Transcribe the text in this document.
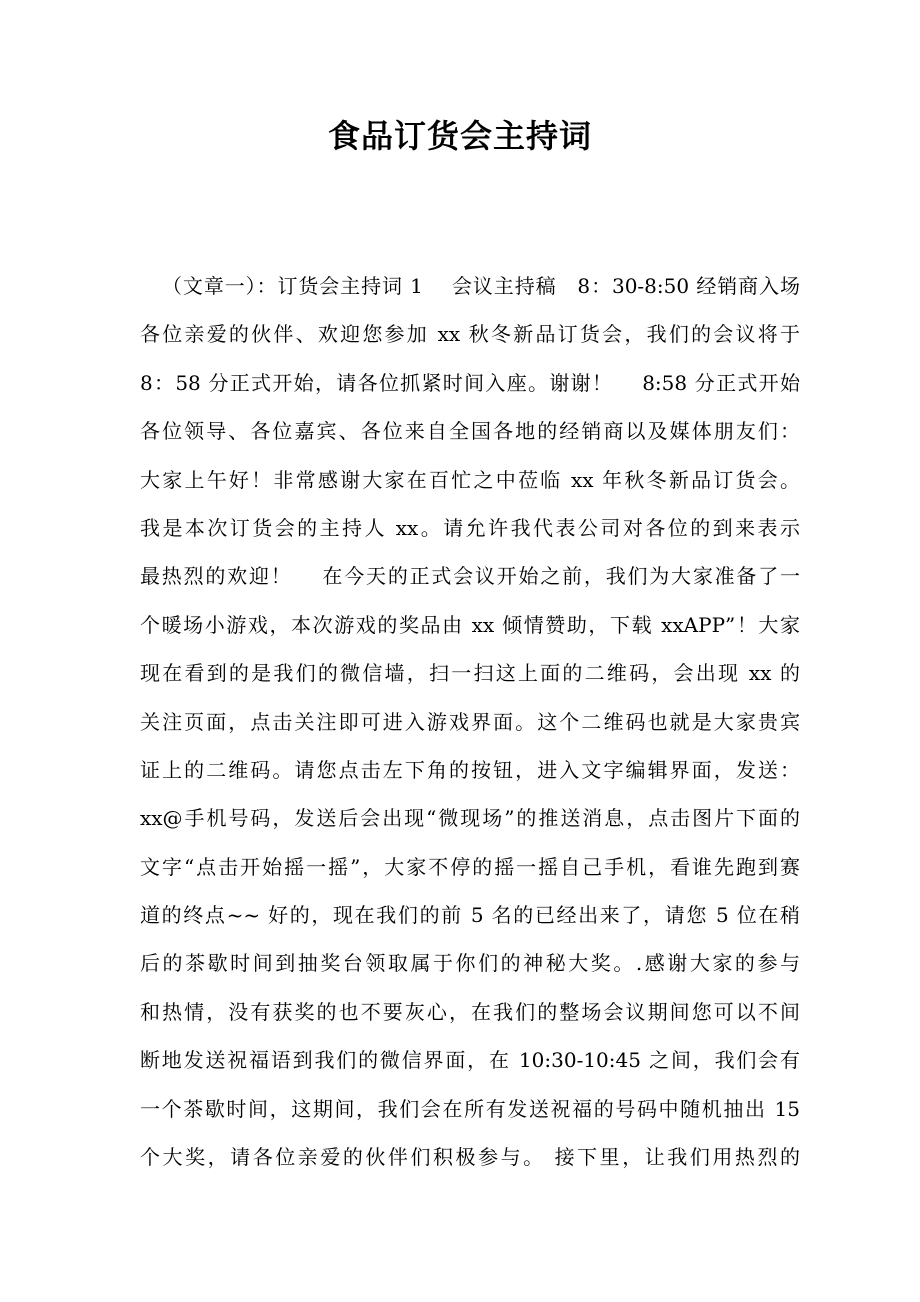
食品订货会主持词
（文章一）：订货会主持词 1　 会议主持稿　8：30-8:50 经销商入场
各位亲爱的伙伴、欢迎您参加 xx 秋冬新品订货会，我们的会议将于
8：58 分正式开始，请各位抓紧时间入座。谢谢！　 8:58 分正式开始
各位领导、各位嘉宾、各位来自全国各地的经销商以及媒体朋友们：
大家上午好！非常感谢大家在百忙之中莅临 xx 年秋冬新品订货会。
我是本次订货会的主持人 xx。请允许我代表公司对各位的到来表示
最热烈的欢迎！　 在今天的正式会议开始之前，我们为大家准备了一
个暖场小游戏，本次游戏的奖品由 xx 倾情赞助，下载 xxAPP”！大家
现在看到的是我们的微信墙，扫一扫这上面的二维码，会出现 xx 的
关注页面，点击关注即可进入游戏界面。这个二维码也就是大家贵宾
证上的二维码。请您点击左下角的按钮，进入文字编辑界面，发送：
xx@手机号码，发送后会出现“微现场”的推送消息，点击图片下面的
文字“点击开始摇一摇”，大家不停的摇一摇自己手机，看谁先跑到赛
道的终点~~ 好的，现在我们的前 5 名的已经出来了，请您 5 位在稍
后的茶歇时间到抽奖台领取属于你们的神秘大奖。.感谢大家的参与
和热情，没有获奖的也不要灰心，在我们的整场会议期间您可以不间
断地发送祝福语到我们的微信界面，在 10:30-10:45 之间，我们会有
一个茶歇时间，这期间，我们会在所有发送祝福的号码中随机抽出 15
个大奖，请各位亲爱的伙伴们积极参与。 接下里，让我们用热烈的
